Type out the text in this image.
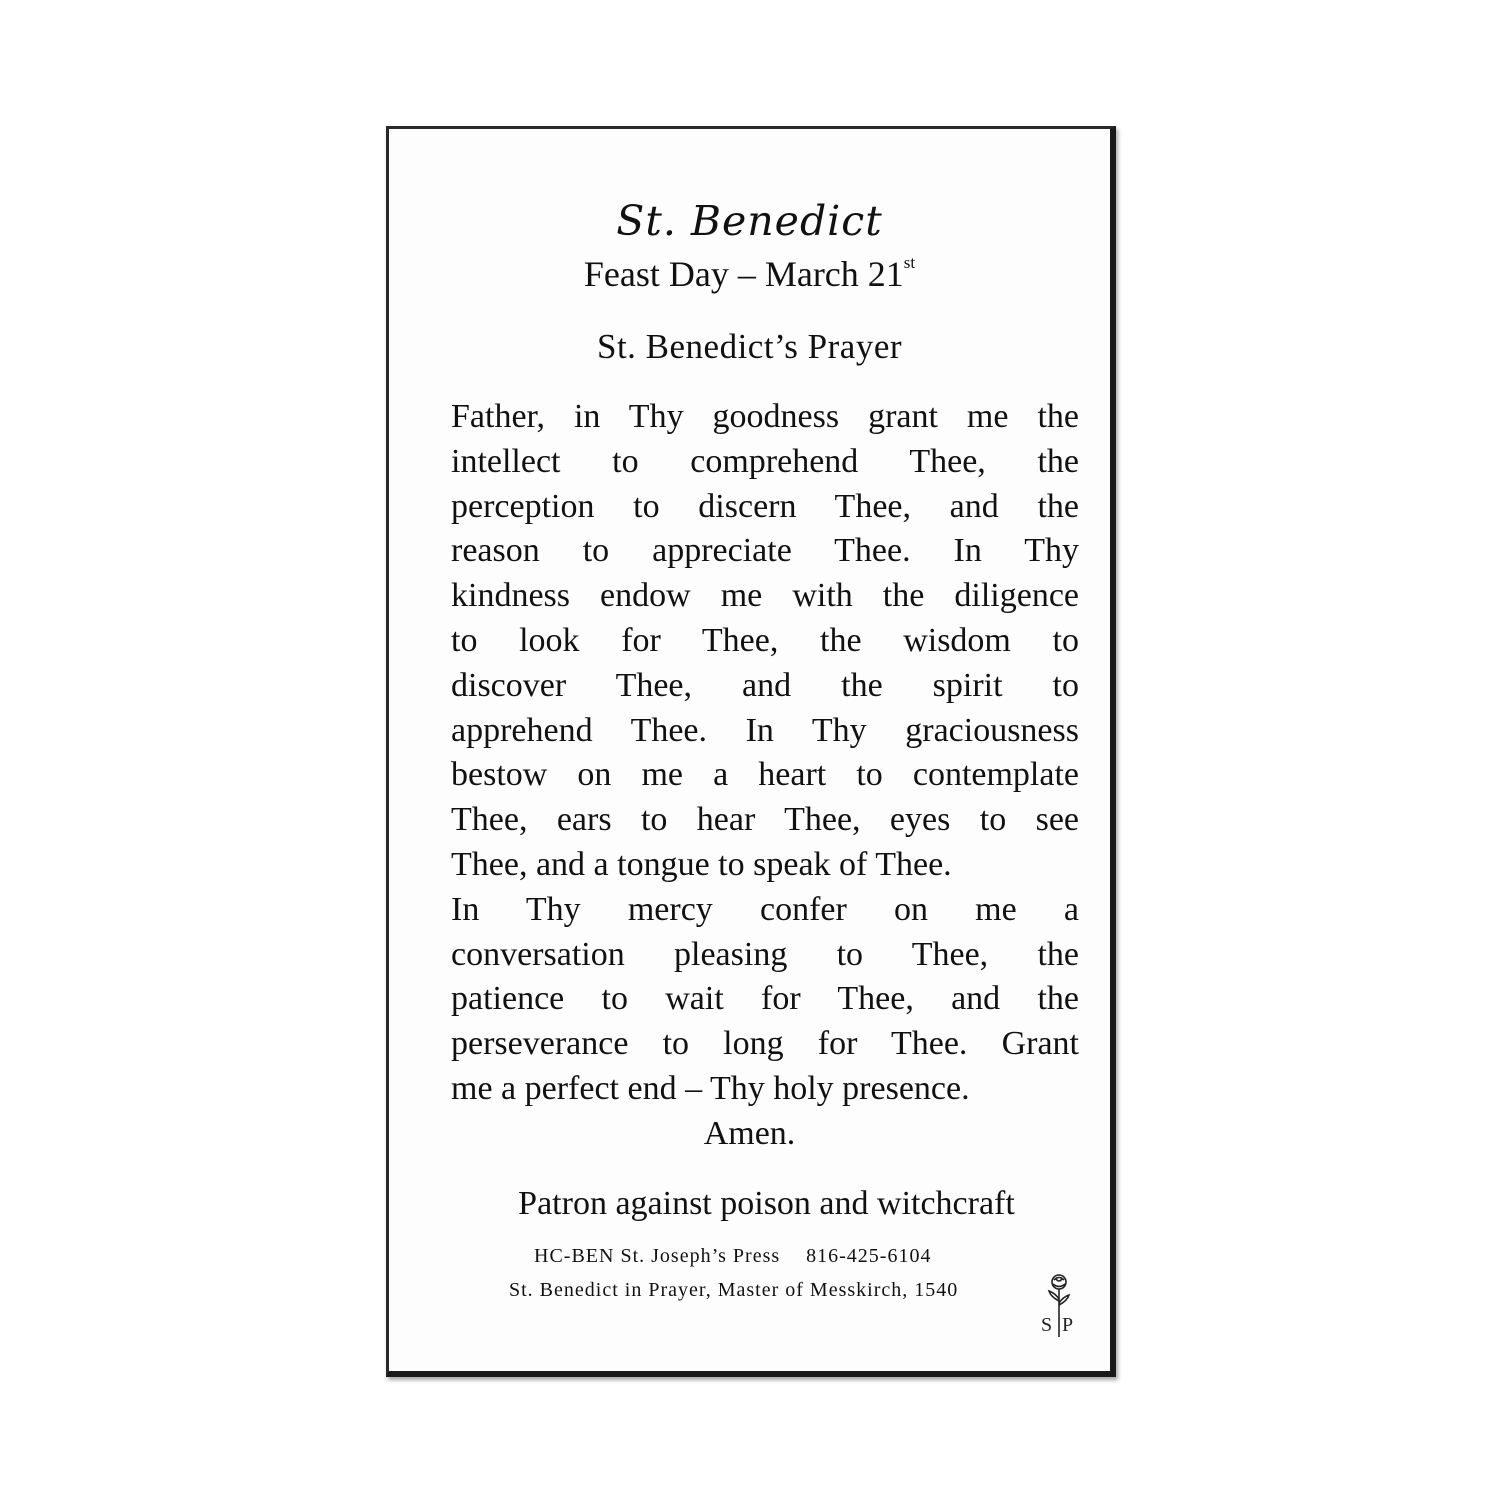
St. Benedict
Feast Day – March 21st
St. Benedict’s Prayer
Father, in Thy goodness grant me the
intellect to comprehend Thee, the
perception to discern Thee, and the
reason to appreciate Thee. In Thy
kindness endow me with the diligence
to look for Thee, the wisdom to
discover Thee, and the spirit to
apprehend Thee. In Thy graciousness
bestow on me a heart to contemplate
Thee, ears to hear Thee, eyes to see
Thee, and a tongue to speak of Thee.
In Thy mercy confer on me a
conversation pleasing to Thee, the
patience to wait for Thee, and the
perseverance to long for Thee. Grant
me a perfect end – Thy holy presence.
Amen.
Patron against poison and witchcraft
HC-BEN St. Joseph’s Press 816-425-6104
St. Benedict in Prayer, Master of Messkirch, 1540
S P
